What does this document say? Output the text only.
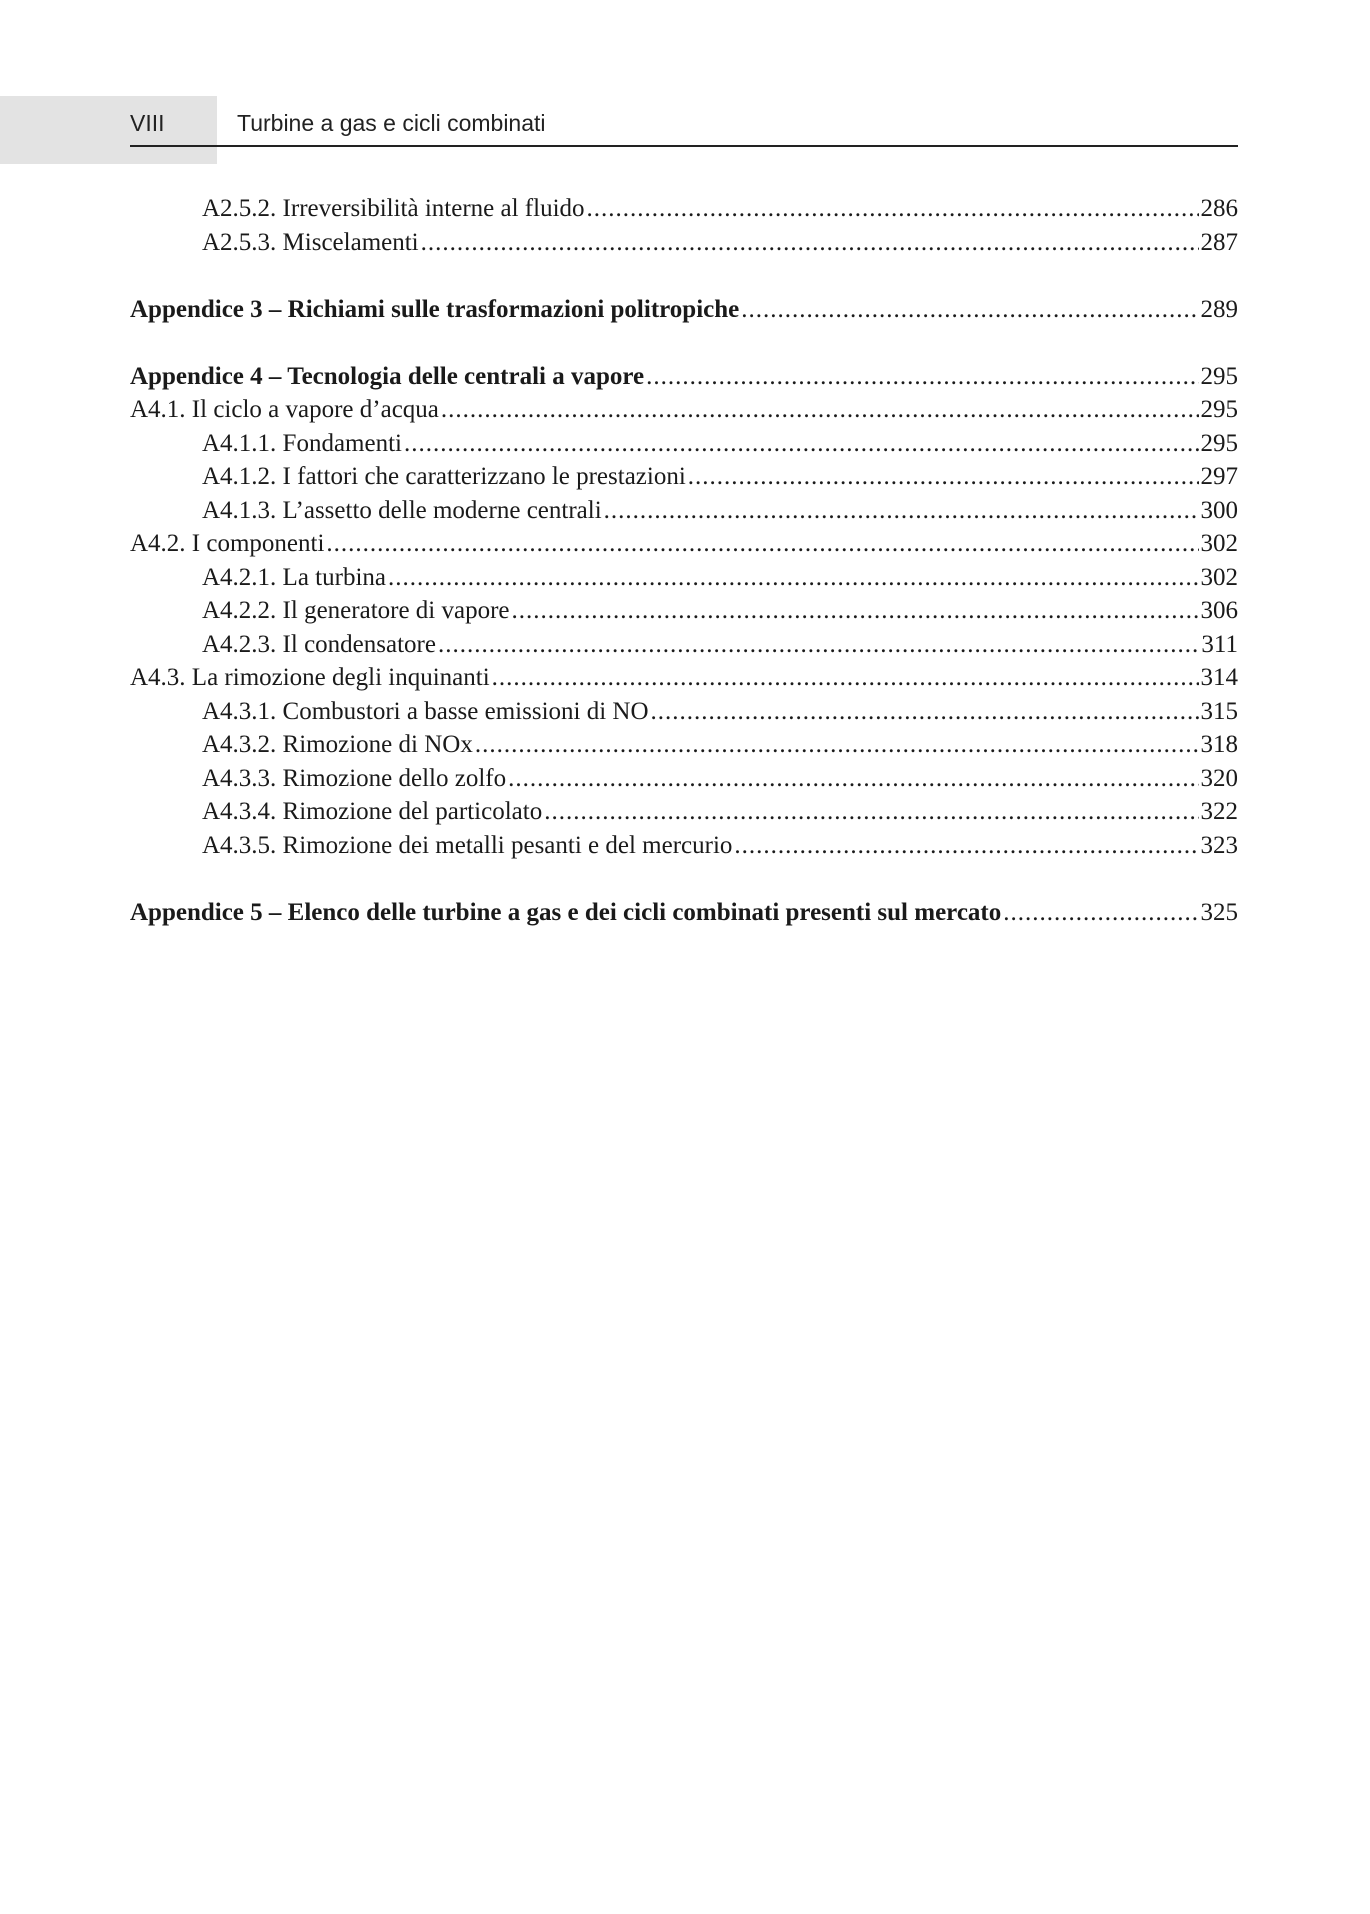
VIII	Turbine a gas e cicli combinati
A2.5.2. Irreversibilità interne al fluido .....	286
A2.5.3. Miscelamenti .....	287
Appendice 3 – Richiami sulle trasformazioni politropiche .....	289
Appendice 4 – Tecnologia delle centrali a vapore .....	295
A4.1. Il ciclo a vapore d’acqua .....	295
A4.1.1. Fondamenti .....	295
A4.1.2. I fattori che caratterizzano le prestazioni .....	297
A4.1.3. L’assetto delle moderne centrali .....	300
A4.2. I componenti .....	302
A4.2.1. La turbina .....	302
A4.2.2. Il generatore di vapore .....	306
A4.2.3. Il condensatore .....	311
A4.3. La rimozione degli inquinanti .....	314
A4.3.1. Combustori a basse emissioni di NO .....	315
A4.3.2. Rimozione di NOx .....	318
A4.3.3. Rimozione dello zolfo .....	320
A4.3.4. Rimozione del particolato .....	322
A4.3.5. Rimozione dei metalli pesanti e del mercurio .....	323
Appendice 5 – Elenco delle turbine a gas e dei cicli combinati presenti sul mercato .....	325
